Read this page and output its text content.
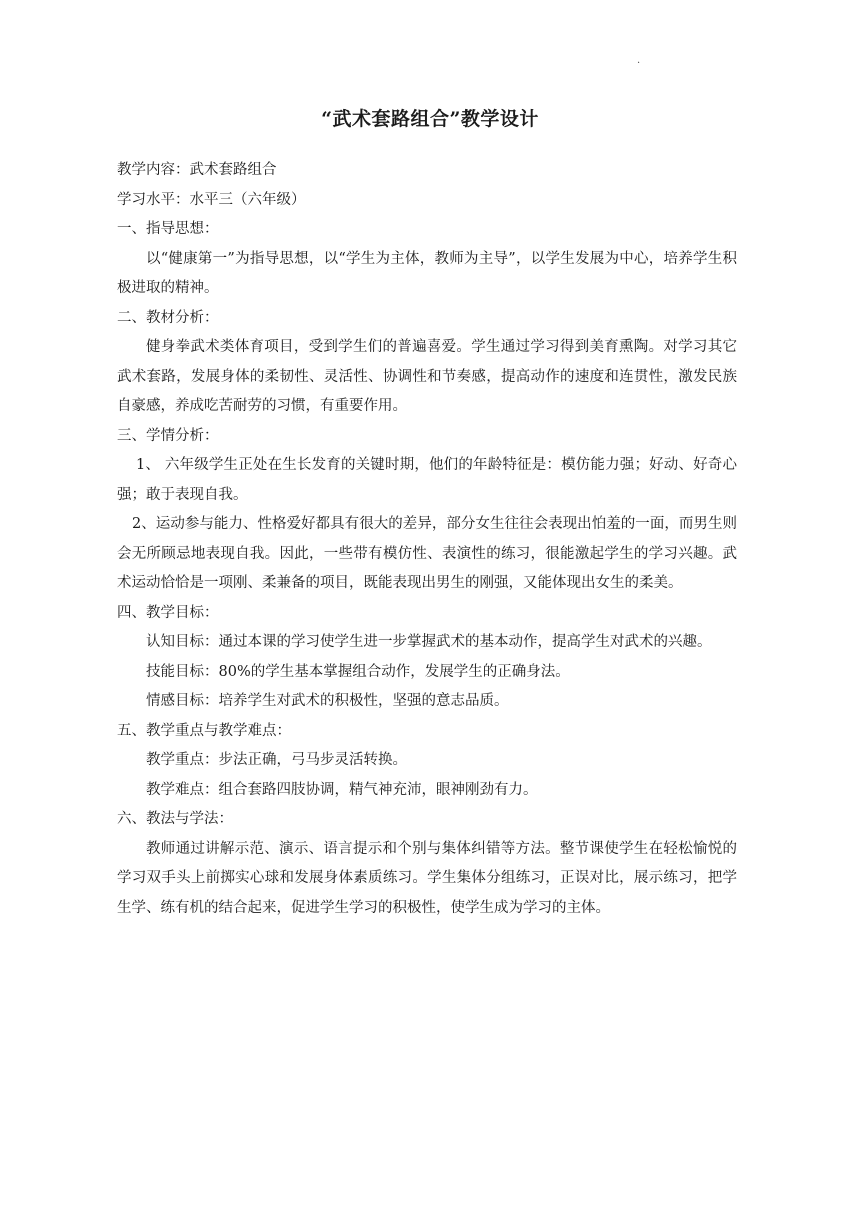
·
“武术套路组合”教学设计

教学内容：武术套路组合

学习水平：水平三（六年级）

一、指导思想：

以“健康第一”为指导思想，以“学生为主体，教师为主导”，以学生发展为中心，培养学生积极进取的精神。

二、教材分析：

健身拳武术类体育项目，受到学生们的普遍喜爱。学生通过学习得到美育熏陶。对学习其它武术套路，发展身体的柔韧性、灵活性、协调性和节奏感，提高动作的速度和连贯性，激发民族自豪感，养成吃苦耐劳的习惯，有重要作用。

三、学情分析：

1、 六年级学生正处在生长发育的关键时期，他们的年龄特征是：模仿能力强；好动、好奇心强；敢于表现自我。

2、运动参与能力、性格爱好都具有很大的差异，部分女生往往会表现出怕羞的一面，而男生则会无所顾忌地表现自我。因此，一些带有模仿性、表演性的练习，很能激起学生的学习兴趣。武术运动恰恰是一项刚、柔兼备的项目，既能表现出男生的刚强，又能体现出女生的柔美。

四、教学目标：

认知目标：通过本课的学习使学生进一步掌握武术的基本动作，提高学生对武术的兴趣。

技能目标：80%的学生基本掌握组合动作，发展学生的正确身法。

情感目标：培养学生对武术的积极性，坚强的意志品质。

五、教学重点与教学难点：

教学重点：步法正确，弓马步灵活转换。

教学难点：组合套路四肢协调，精气神充沛，眼神刚劲有力。

六、教法与学法：

教师通过讲解示范、演示、语言提示和个别与集体纠错等方法。整节课使学生在轻松愉悦的学习双手头上前掷实心球和发展身体素质练习。学生集体分组练习，正误对比，展示练习，把学生学、练有机的结合起来，促进学生学习的积极性，使学生成为学习的主体。
